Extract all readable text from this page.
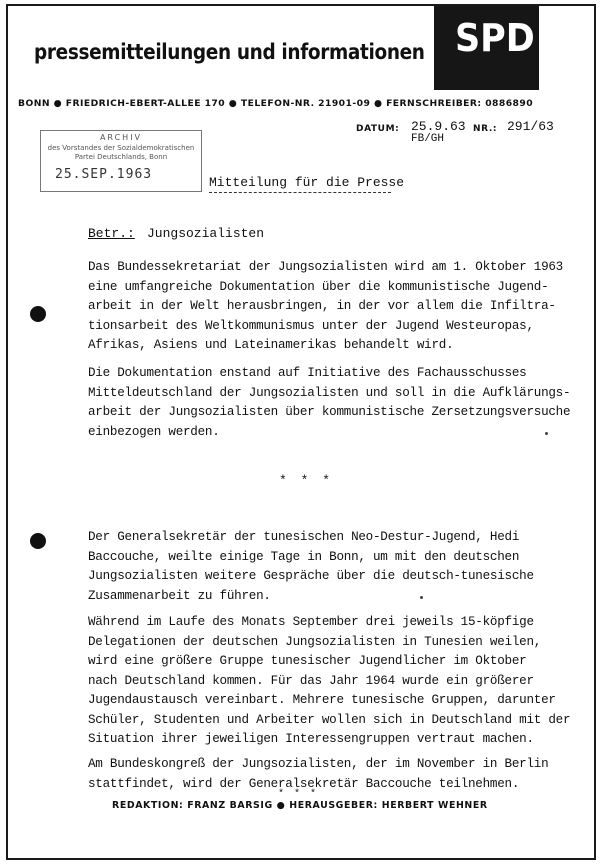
pressemitteilungen und informationen SPD
BONN ● FRIEDRICH-EBERT-ALLEE 170 ● TELEFON-NR. 21901-09 ● FERNSCHREIBER: 0886890
DATUM: 25.9.63 NR.: 291/63
FB/GH
ARCHIV
des Vorstandes der Sozialdemokratischen
Partei Deutschlands, Bonn
25.SEP.1963
Mitteilung für die Presse
Betr.: Jungsozialisten

Das Bundessekretariat der Jungsozialisten wird am 1. Oktober 1963
eine umfangreiche Dokumentation über die kommunistische Jugend-
arbeit in der Welt herausbringen, in der vor allem die Infiltra-
tionsarbeit des Weltkommunismus unter der Jugend Westeuropas,
Afrikas, Asiens und Lateinamerikas behandelt wird.

Die Dokumentation enstand auf Initiative des Fachausschusses
Mitteldeutschland der Jungsozialisten und soll in die Aufklärungs-
arbeit der Jungsozialisten über kommunistische Zersetzungsversuche
einbezogen werden.

* * *

Der Generalsekretär der tunesischen Neo-Destur-Jugend, Hedi
Baccouche, weilte einige Tage in Bonn, um mit den deutschen
Jungsozialisten weitere Gespräche über die deutsch-tunesische
Zusammenarbeit zu führen.

Während im Laufe des Monats September drei jeweils 15-köpfige
Delegationen der deutschen Jungsozialisten in Tunesien weilen,
wird eine größere Gruppe tunesischer Jugendlicher im Oktober
nach Deutschland kommen. Für das Jahr 1964 wurde ein größerer
Jugendaustausch vereinbart. Mehrere tunesische Gruppen, darunter
Schüler, Studenten und Arbeiter wollen sich in Deutschland mit der
Situation ihrer jeweiligen Interessengruppen vertraut machen.

Am Bundeskongreß der Jungsozialisten, der im November in Berlin
stattfindet, wird der Generalsekretär Baccouche teilnehmen.

* * *
REDAKTION: FRANZ BARSIG ● HERAUSGEBER: HERBERT WEHNER
